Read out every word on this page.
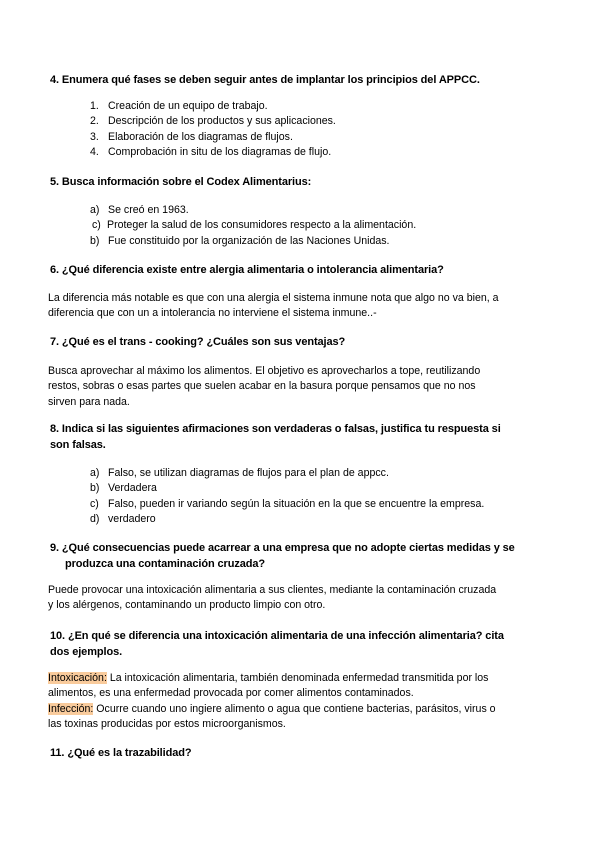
4. Enumera qué fases se deben seguir antes de implantar los principios del APPCC.
1. Creación de un equipo de trabajo.
2. Descripción de los productos y sus aplicaciones.
3. Elaboración de los diagramas de flujos.
4. Comprobación in situ de los diagramas de flujo.
5. Busca información sobre el Codex Alimentarius:
a) Se creó en 1963.
c) Proteger la salud de los consumidores respecto a la alimentación.
b) Fue constituido por la organización de las Naciones Unidas.
6. ¿Qué diferencia existe entre alergia alimentaria o intolerancia alimentaria?
La diferencia más notable es que con una alergia el sistema inmune nota que algo no va bien, a
diferencia que con un a intolerancia no interviene el sistema inmune..-
7. ¿Qué es el trans - cooking? ¿Cuáles son sus ventajas?
Busca aprovechar al máximo los alimentos. El objetivo es aprovecharlos a tope, reutilizando
restos, sobras o esas partes que suelen acabar en la basura porque pensamos que no nos
sirven para nada.
8. Indica si las siguientes afirmaciones son verdaderas o falsas, justifica tu respuesta si
son falsas.
a) Falso, se utilizan diagramas de flujos para el plan de appcc.
b) Verdadera
c) Falso, pueden ir variando según la situación en la que se encuentre la empresa.
d) verdadero
9. ¿Qué consecuencias puede acarrear a una empresa que no adopte ciertas medidas y se
produzca una contaminación cruzada?
Puede provocar una intoxicación alimentaria a sus clientes, mediante la contaminación cruzada
y los alérgenos, contaminando un producto limpio con otro.
10. ¿En qué se diferencia una intoxicación alimentaria de una infección alimentaria? cita
dos ejemplos.
Intoxicación: La intoxicación alimentaria, también denominada enfermedad transmitida por los
alimentos, es una enfermedad provocada por comer alimentos contaminados.
Infección: Ocurre cuando uno ingiere alimento o agua que contiene bacterias, parásitos, virus o
las toxinas producidas por estos microorganismos.
11. ¿Qué es la trazabilidad?
